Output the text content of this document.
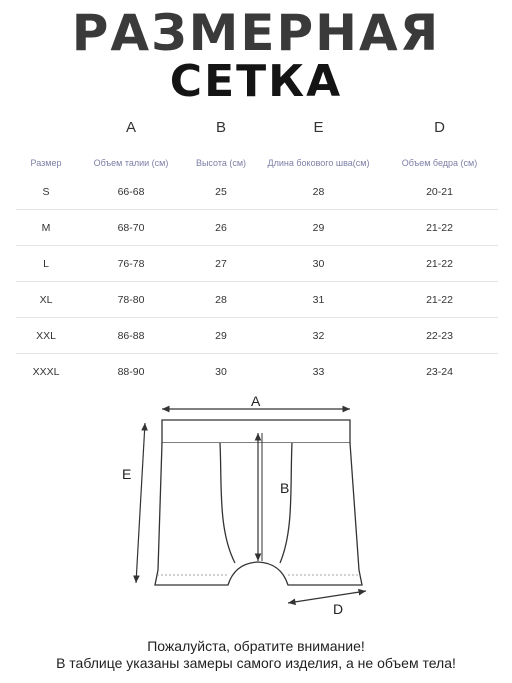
РАЗМЕРНАЯ
СЕТКА
	A	B	E	D
Размер	Объем талии (см)	Высота (см)	Длина бокового шва(см)	Объем бедра (см)
S	66-68	25	28	20-21
M	68-70	26	29	21-22
L	76-78	27	30	21-22
XL	78-80	28	31	21-22
XXL	86-88	29	32	22-23
XXXL	88-90	30	33	23-24
A
B
E
D
Пожалуйста, обратите внимание!
В таблице указаны замеры самого изделия, а не объем тела!
